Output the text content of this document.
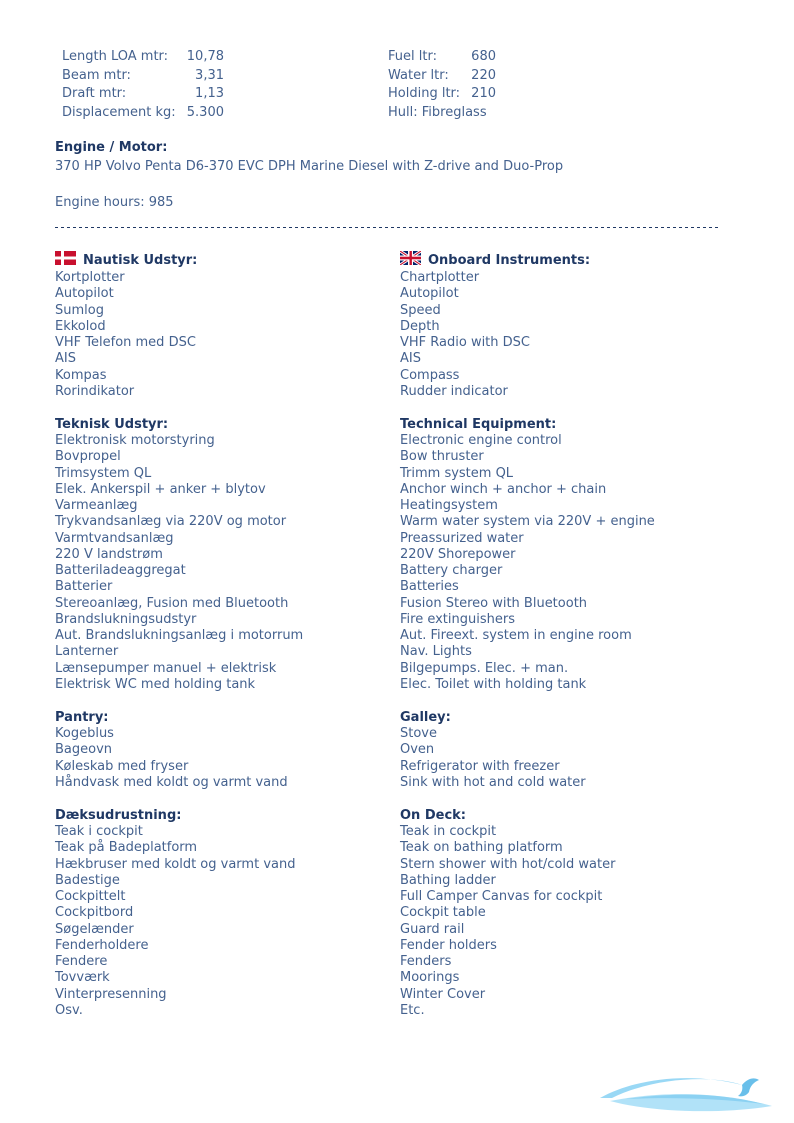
Length LOA mtr:	10,78
Beam mtr:	3,31
Draft mtr:	1,13
Displacement kg: 5.300
Fuel ltr:	680
Water ltr:	220
Holding ltr: 210
Hull: Fibreglass
Engine / Motor:
370 HP Volvo Penta D6-370 EVC DPH Marine Diesel with Z-drive and Duo-Prop
Engine hours: 985
Nautisk Udstyr:
Kortplotter
Autopilot
Sumlog
Ekkolod
VHF Telefon med DSC
AIS
Kompas
Rorindikator
Teknisk Udstyr:
Elektronisk motorstyring
Bovpropel
Trimsystem QL
Elek. Ankerspil + anker + blytov
Varmeanlæg
Trykvandsanlæg via 220V og motor
Varmtvandsanlæg
220 V landstrøm
Batteriladeaggregat
Batterier
Stereoanlæg, Fusion med Bluetooth
Brandslukningsudstyr
Aut. Brandslukningsanlæg i motorrum
Lanterner
Lænsepumper manuel + elektrisk
Elektrisk WC med holding tank
Pantry:
Kogeblus
Bageovn
Køleskab med fryser
Håndvask med koldt og varmt vand
Dæksudrustning:
Teak i cockpit
Teak på Badeplatform
Hækbruser med koldt og varmt vand
Badestige
Cockpittelt
Cockpitbord
Søgelænder
Fenderholdere
Fendere
Tovværk
Vinterpresenning
Osv.
Onboard Instruments:
Chartplotter
Autopilot
Speed
Depth
VHF Radio with DSC
AIS
Compass
Rudder indicator
Technical Equipment:
Electronic engine control
Bow thruster
Trimm system QL
Anchor winch + anchor + chain
Heatingsystem
Warm water system via 220V + engine
Preassurized water
220V Shorepower
Battery charger
Batteries
Fusion Stereo with Bluetooth
Fire extinguishers
Aut. Fireext. system in engine room
Nav. Lights
Bilgepumps. Elec. + man.
Elec. Toilet with holding tank
Galley:
Stove
Oven
Refrigerator with freezer
Sink with hot and cold water
On Deck:
Teak in cockpit
Teak on bathing platform
Stern shower with hot/cold water
Bathing ladder
Full Camper Canvas for cockpit
Cockpit table
Guard rail
Fender holders
Fenders
Moorings
Winter Cover
Etc.
